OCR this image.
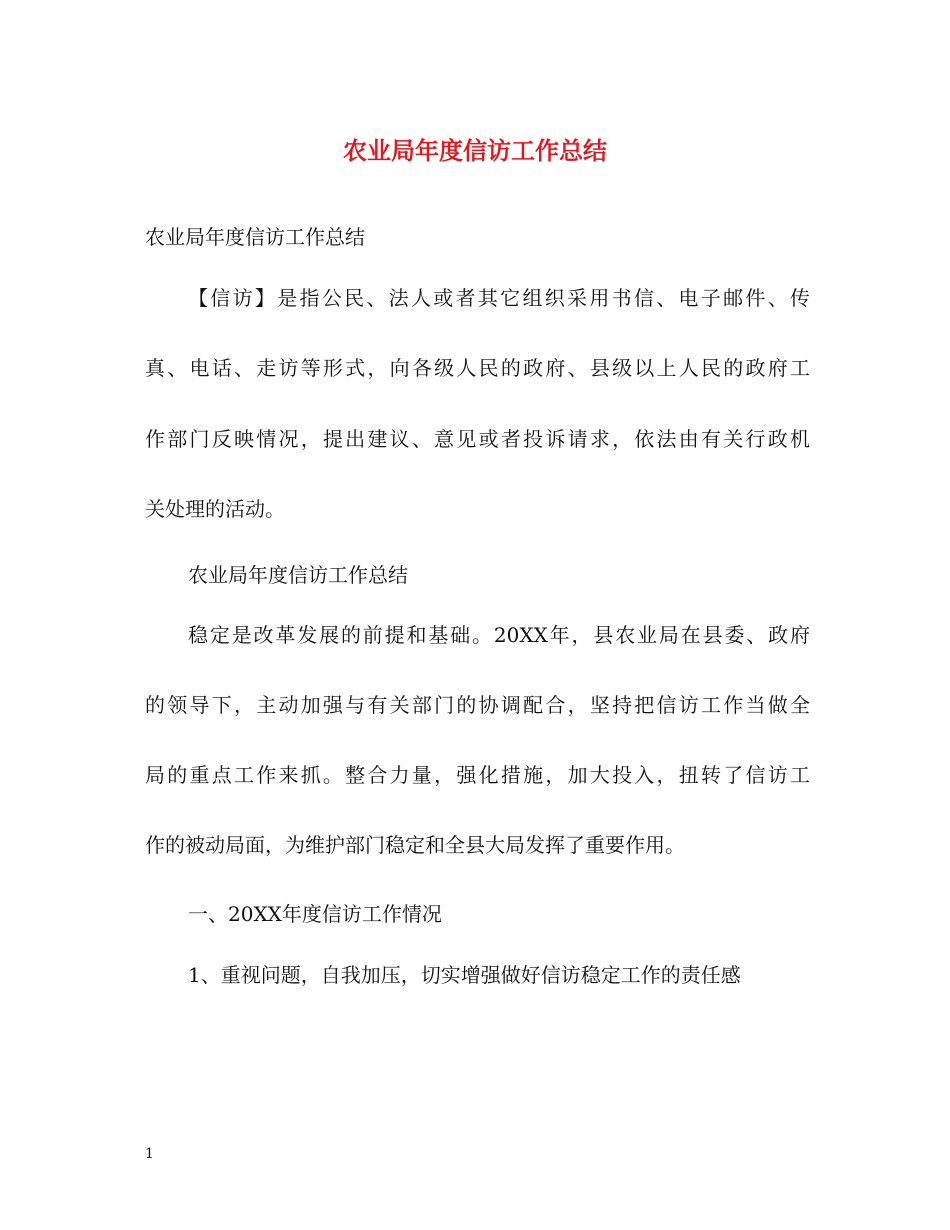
农业局年度信访工作总结
农业局年度信访工作总结
【信访】是指公民、法人或者其它组织采用书信、电子邮件、传
真、电话、走访等形式，向各级人民的政府、县级以上人民的政府工
作部门反映情况，提出建议、意见或者投诉请求，依法由有关行政机
关处理的活动。
农业局年度信访工作总结
稳定是改革发展的前提和基础。20XX年，县农业局在县委、政府
的领导下，主动加强与有关部门的协调配合，坚持把信访工作当做全
局的重点工作来抓。整合力量，强化措施，加大投入，扭转了信访工
作的被动局面，为维护部门稳定和全县大局发挥了重要作用。
一、20XX年度信访工作情况
1、重视问题，自我加压，切实增强做好信访稳定工作的责任感
1
